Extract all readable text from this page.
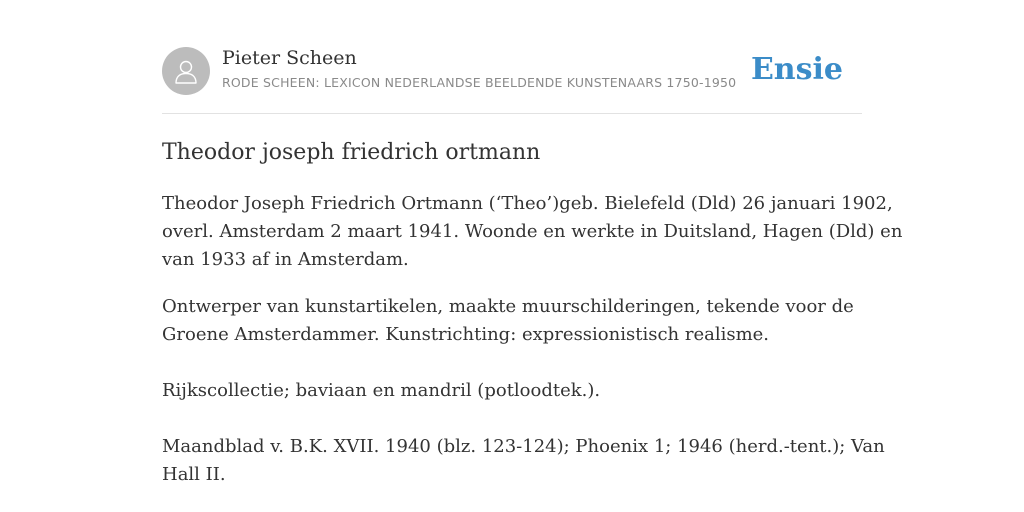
Pieter Scheen
RODE SCHEEN: LEXICON NEDERLANDSE BEELDENDE KUNSTENAARS 1750-1950 Ensie
Theodor joseph friedrich ortmann

Theodor Joseph Friedrich Ortmann (‘Theo’)geb. Bielefeld (Dld) 26 januari 1902,

overl. Amsterdam 2 maart 1941. Woonde en werkte in Duitsland, Hagen (Dld) en

van 1933 af in Amsterdam.

Ontwerper van kunstartikelen, maakte muurschilderingen, tekende voor de

Groene Amsterdammer. Kunstrichting: expressionistisch realisme.

Rijkscollectie; baviaan en mandril (potloodtek.).

Maandblad v. B.K. XVII. 1940 (blz. 123-124); Phoenix 1; 1946 (herd.-tent.); Van

Hall II.
